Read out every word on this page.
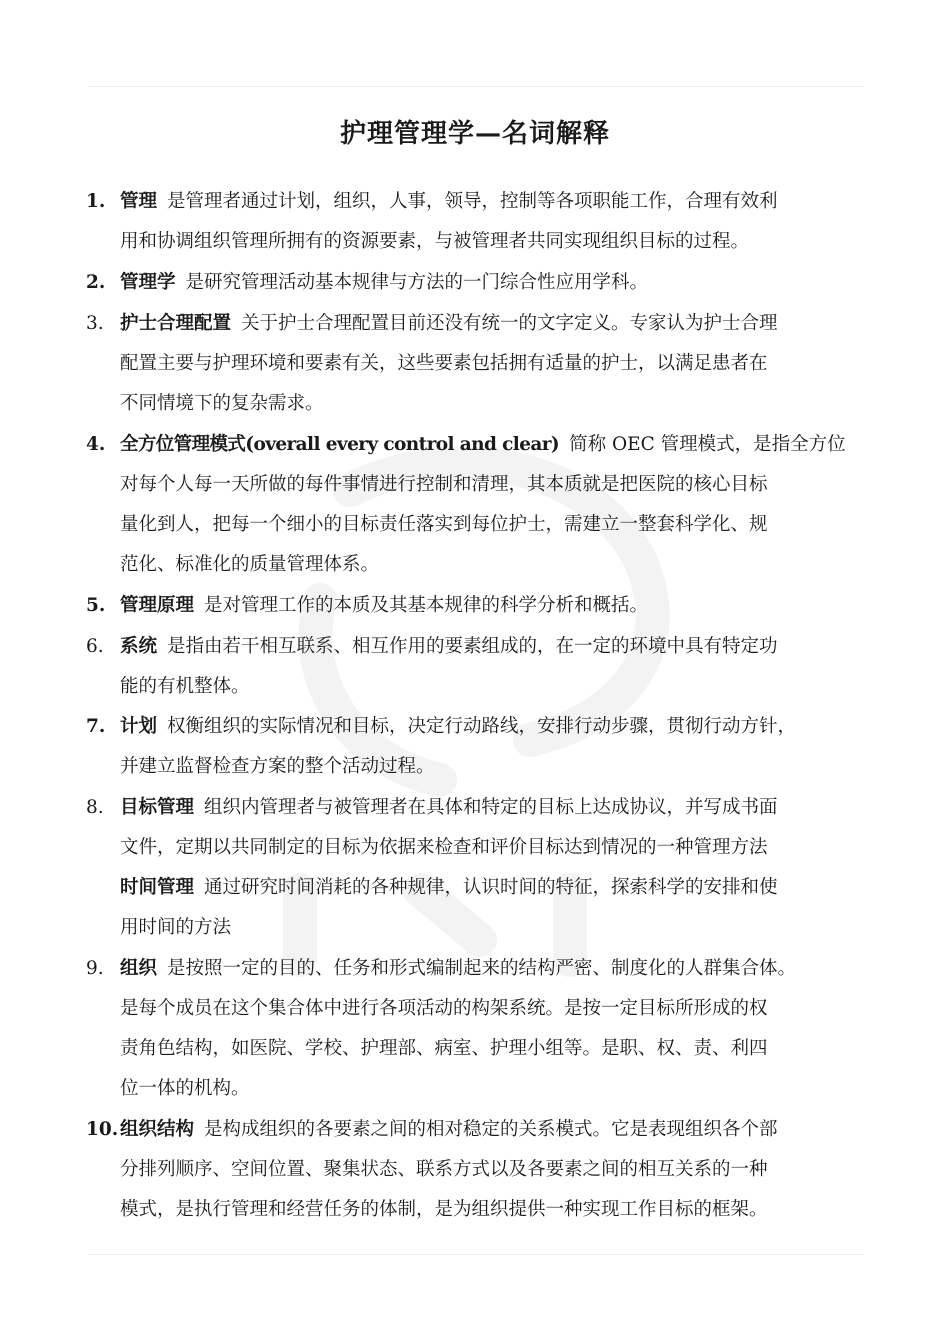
护理管理学—名词解释
1. 管理 是管理者通过计划，组织，人事，领导，控制等各项职能工作，合理有效利
用和协调组织管理所拥有的资源要素，与被管理者共同实现组织目标的过程。
2. 管理学 是研究管理活动基本规律与方法的一门综合性应用学科。
3. 护士合理配置 关于护士合理配置目前还没有统一的文字定义。专家认为护士合理
配置主要与护理环境和要素有关，这些要素包括拥有适量的护士，以满足患者在
不同情境下的复杂需求。
4. 全方位管理模式(overall every control and clear) 简称 OEC 管理模式，是指全方位
对每个人每一天所做的每件事情进行控制和清理，其本质就是把医院的核心目标
量化到人，把每一个细小的目标责任落实到每位护士，需建立一整套科学化、规
范化、标准化的质量管理体系。
5. 管理原理 是对管理工作的本质及其基本规律的科学分析和概括。
6. 系统 是指由若干相互联系、相互作用的要素组成的，在一定的环境中具有特定功
能的有机整体。
7. 计划 权衡组织的实际情况和目标，决定行动路线，安排行动步骤，贯彻行动方针，
并建立监督检查方案的整个活动过程。
8. 目标管理 组织内管理者与被管理者在具体和特定的目标上达成协议，并写成书面
文件，定期以共同制定的目标为依据来检查和评价目标达到情况的一种管理方法
时间管理 通过研究时间消耗的各种规律，认识时间的特征，探索科学的安排和使
用时间的方法
9. 组织 是按照一定的目的、任务和形式编制起来的结构严密、制度化的人群集合体。
是每个成员在这个集合体中进行各项活动的构架系统。是按一定目标所形成的权
责角色结构，如医院、学校、护理部、病室、护理小组等。是职、权、责、利四
位一体的机构。
10. 组织结构 是构成组织的各要素之间的相对稳定的关系模式。它是表现组织各个部
分排列顺序、空间位置、聚集状态、联系方式以及各要素之间的相互关系的一种
模式，是执行管理和经营任务的体制，是为组织提供一种实现工作目标的框架。
